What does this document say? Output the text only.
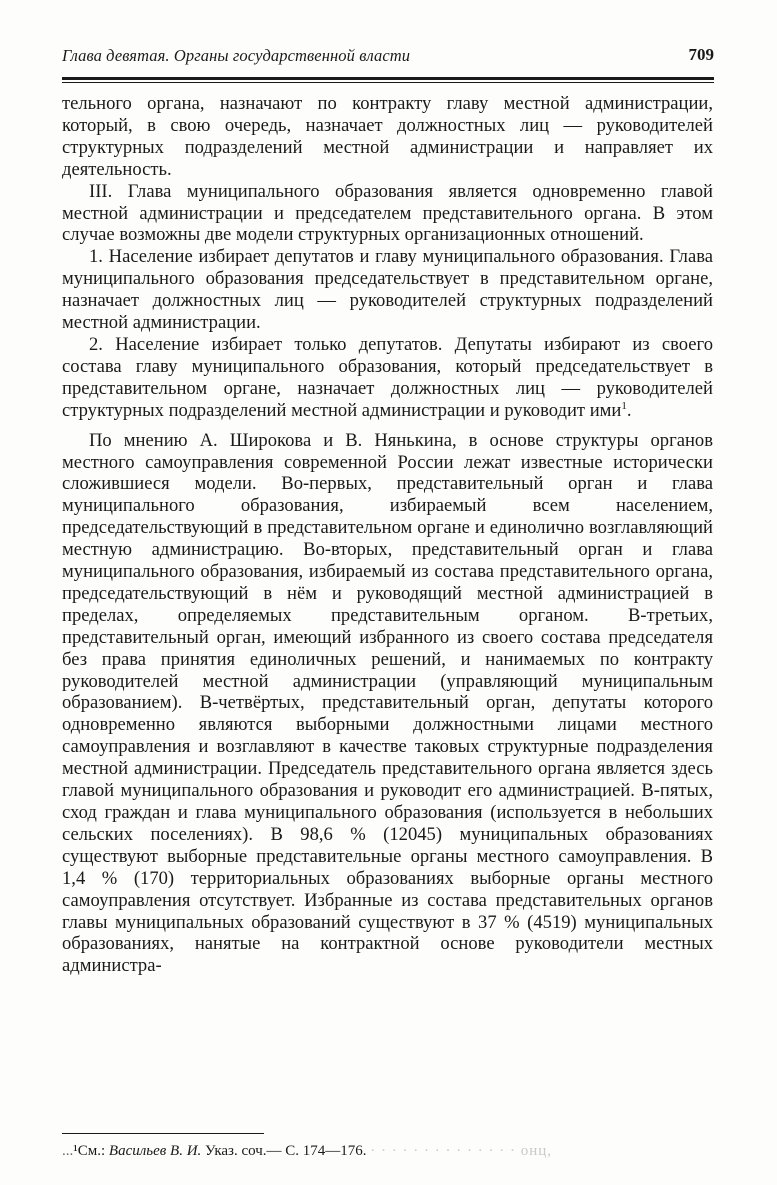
Глава девятая. Органы государственной власти	709

тельного органа, назначают по контракту главу местной администрации, который, в свою очередь, назначает должностных лиц — руководителей структурных подразделений местной администрации и направляет их деятельность.

III. Глава муниципального образования является одновременно главой местной администрации и председателем представительного органа. В этом случае возможны две модели структурных организационных отношений.

1. Население избирает депутатов и главу муниципального образования. Глава муниципального образования председательствует в представительном органе, назначает должностных лиц — руководителей структурных подразделений местной администрации.

2. Население избирает только депутатов. Депутаты избирают из своего состава главу муниципального образования, который председательствует в представительном органе, назначает должностных лиц — руководителей структурных подразделений местной администрации и руководит ими$^1$.

По мнению А. Широкова и В. Нянькина, в основе структуры органов местного самоуправления современной России лежат известные исторически сложившиеся модели. Во-первых, представительный орган и глава муниципального образования, избираемый всем населением, председательствующий в представительном органе и единолично возглавляющий местную администрацию. Во-вторых, представительный орган и глава муниципального образования, избираемый из состава представительного органа, председательствующий в нём и руководящий местной администрацией в пределах, определяемых представительным органом. В-третьих, представительный орган, имеющий избранного из своего состава председателя без права принятия единоличных решений, и нанимаемых по контракту руководителей местной администрации (управляющий муниципальным образованием). В-четвёртых, представительный орган, депутаты которого одновременно являются выборными должностными лицами местного самоуправления и возглавляют в качестве таковых структурные подразделения местной администрации. Председатель представительного органа является здесь главой муниципального образования и руководит его администрацией. В-пятых, сход граждан и глава муниципального образования (используется в небольших сельских поселениях). В 98,6 % (12045) муниципальных образованиях существуют выборные представительные органы местного самоуправления. В 1,4 % (170) территориальных образованиях выборные органы местного самоуправления отсутствует. Избранные из состава представительных органов главы муниципальных образований существуют в 37 % (4519) муниципальных образованиях, нанятые на контрактной основе руководители местных администра-

...¹См.: Васильев В. И. Указ. соч.— С. 174—176. · · · · · · · · · · · · · · онц,
